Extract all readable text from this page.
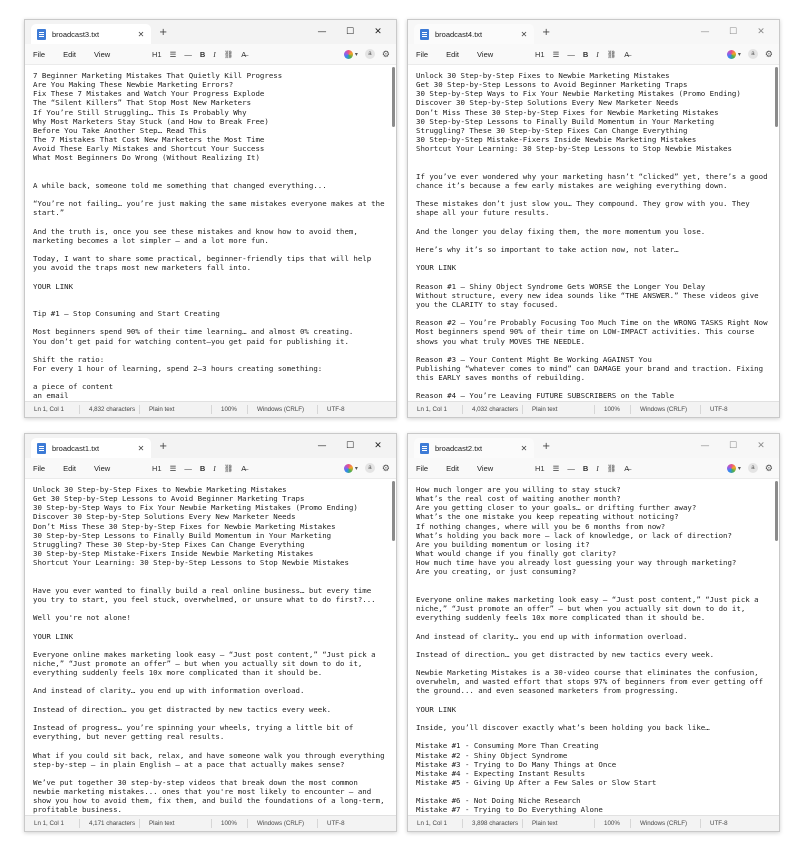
broadcast3.txt	✕ +	—	☐	✕
File Edit View	H1 ☰ — B I ⛓ A̶	▾	a	⚙
7 Beginner Marketing Mistakes That Quietly Kill Progress
Are You Making These Newbie Marketing Errors?
Fix These 7 Mistakes and Watch Your Progress Explode
The “Silent Killers” That Stop Most New Marketers
If You’re Still Struggling… This Is Probably Why
Why Most Marketers Stay Stuck (and How to Break Free)
Before You Take Another Step… Read This
The 7 Mistakes That Cost New Marketers the Most Time
Avoid These Early Mistakes and Shortcut Your Success
What Most Beginners Do Wrong (Without Realizing It)

A while back, someone told me something that changed everything...

“You’re not failing… you’re just making the same mistakes everyone makes at the start.”

And the truth is, once you see these mistakes and know how to avoid them, marketing becomes a lot simpler — and a lot more fun.

Today, I want to share some practical, beginner-friendly tips that will help you avoid the traps most new marketers fall into.

YOUR LINK

Tip #1 — Stop Consuming and Start Creating

Most beginners spend 90% of their time learning… and almost 0% creating.
You don’t get paid for watching content—you get paid for publishing it.

Shift the ratio:
For every 1 hour of learning, spend 2–3 hours creating something:

a piece of content
an email
Ln 1, Col 1	4,832 characters Plain text	100%	Windows (CRLF)	UTF-8
broadcast4.txt	✕ +	—	☐	✕
File Edit View	H1 ☰ — B I ⛓ A̶	▾	a	⚙
Unlock 30 Step-by-Step Fixes to Newbie Marketing Mistakes
Get 30 Step-by-Step Lessons to Avoid Beginner Marketing Traps
30 Step-by-Step Ways to Fix Your Newbie Marketing Mistakes (Promo Ending)
Discover 30 Step-by-Step Solutions Every New Marketer Needs
Don’t Miss These 30 Step-by-Step Fixes for Newbie Marketing Mistakes
30 Step-by-Step Lessons to Finally Build Momentum in Your Marketing
Struggling? These 30 Step-by-Step Fixes Can Change Everything
30 Step-by-Step Mistake-Fixers Inside Newbie Marketing Mistakes
Shortcut Your Learning: 30 Step-by-Step Lessons to Stop Newbie Mistakes

If you’ve ever wondered why your marketing hasn’t “clicked” yet, there’s a good chance it’s because a few early mistakes are weighing everything down.

These mistakes don’t just slow you… They compound. They grow with you. They shape all your future results.

And the longer you delay fixing them, the more momentum you lose.

Here’s why it’s so important to take action now, not later…

YOUR LINK

Reason #1 – Shiny Object Syndrome Gets WORSE the Longer You Delay
Without structure, every new idea sounds like “THE ANSWER.” These videos give you the CLARITY to stay focused.

Reason #2 – You’re Probably Focusing Too Much Time on the WRONG TASKS Right Now
Most beginners spend 90% of their time on LOW-IMPACT activities. This course shows you what truly MOVES THE NEEDLE.

Reason #3 – Your Content Might Be Working AGAINST You
Publishing “whatever comes to mind” can DAMAGE your brand and traction. Fixing this EARLY saves months of rebuilding.

Reason #4 – You’re Leaving FUTURE SUBSCRIBERS on the Table
Ln 1, Col 1	4,032 characters Plain text	100%	Windows (CRLF)	UTF-8
broadcast1.txt	✕ +	—	☐	✕
File Edit View	H1 ☰ — B I ⛓ A̶	▾	a	⚙
Unlock 30 Step-by-Step Fixes to Newbie Marketing Mistakes
Get 30 Step-by-Step Lessons to Avoid Beginner Marketing Traps
30 Step-by-Step Ways to Fix Your Newbie Marketing Mistakes (Promo Ending)
Discover 30 Step-by-Step Solutions Every New Marketer Needs
Don’t Miss These 30 Step-by-Step Fixes for Newbie Marketing Mistakes
30 Step-by-Step Lessons to Finally Build Momentum in Your Marketing
Struggling? These 30 Step-by-Step Fixes Can Change Everything
30 Step-by-Step Mistake-Fixers Inside Newbie Marketing Mistakes
Shortcut Your Learning: 30 Step-by-Step Lessons to Stop Newbie Mistakes

Have you ever wanted to finally build a real online business… but every time you try to start, you feel stuck, overwhelmed, or unsure what to do first?...

Well you're not alone!

YOUR LINK

Everyone online makes marketing look easy — “Just post content,” “Just pick a niche,” “Just promote an offer” — but when you actually sit down to do it, everything suddenly feels 10x more complicated than it should be.

And instead of clarity… you end up with information overload.

Instead of direction… you get distracted by new tactics every week.

Instead of progress… you’re spinning your wheels, trying a little bit of everything, but never getting real results.

What if you could sit back, relax, and have someone walk you through everything step-by-step — in plain English — at a pace that actually makes sense?

We’ve put together 30 step-by-step videos that break down the most common newbie marketing mistakes... ones that you're most likely to encounter — and show you how to avoid them, fix them, and build the foundations of a long-term, profitable business.
Ln 1, Col 1	4,171 characters Plain text	100%	Windows (CRLF)	UTF-8
broadcast2.txt	✕ +	—	☐	✕
File Edit View	H1 ☰ — B I ⛓ A̶	▾	a	⚙
How much longer are you willing to stay stuck?
What’s the real cost of waiting another month?
Are you getting closer to your goals… or drifting further away?
What’s the one mistake you keep repeating without noticing?
If nothing changes, where will you be 6 months from now?
What’s holding you back more — lack of knowledge, or lack of direction?
Are you building momentum or losing it?
What would change if you finally got clarity?
How much time have you already lost guessing your way through marketing?
Are you creating, or just consuming?

Everyone online makes marketing look easy — “Just post content,” “Just pick a niche,” “Just promote an offer” — but when you actually sit down to do it, everything suddenly feels 10x more complicated than it should be.

And instead of clarity… you end up with information overload.

Instead of direction… you get distracted by new tactics every week.

Newbie Marketing Mistakes is a 30-video course that eliminates the confusion, overwhelm, and wasted effort that stops 97% of beginners from ever getting off the ground... and even seasoned marketers from progressing.

YOUR LINK

Inside, you’ll discover exactly what’s been holding you back like…

Mistake #1 - Consuming More Than Creating
Mistake #2 - Shiny Object Syndrome
Mistake #3 - Trying to Do Many Things at Once
Mistake #4 - Expecting Instant Results
Mistake #5 - Giving Up After a Few Sales or Slow Start

Mistake #6 - Not Doing Niche Research
Mistake #7 - Trying to Do Everything Alone
Ln 1, Col 1	3,898 characters Plain text	100%	Windows (CRLF)	UTF-8
